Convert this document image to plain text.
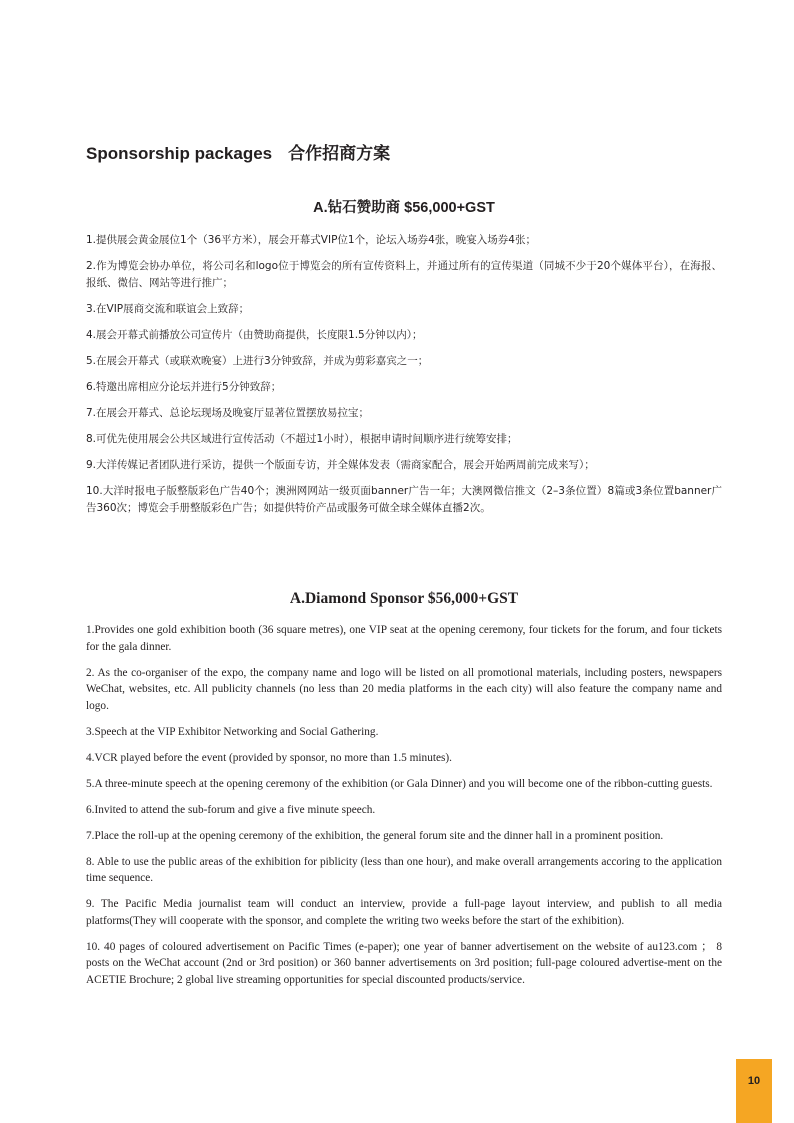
Sponsorship packages 合作招商方案
A.钻石赞助商 $56,000+GST
1.提供展会黄金展位1个（36平方米），展会开幕式VIP位1个，论坛入场券4张，晚宴入场券4张；
2.作为博览会协办单位，将公司名和logo位于博览会的所有宣传资料上，并通过所有的宣传渠道（同城不少于20个媒体平台），在海报、报纸、微信、网站等进行推广；
3.在VIP展商交流和联谊会上致辞；
4.展会开幕式前播放公司宣传片（由赞助商提供，长度限1.5分钟以内）；
5.在展会开幕式（或联欢晚宴）上进行3分钟致辞，并成为剪彩嘉宾之一；
6.特邀出席相应分论坛并进行5分钟致辞；
7.在展会开幕式、总论坛现场及晚宴厅显著位置摆放易拉宝；
8.可优先使用展会公共区域进行宣传活动（不超过1小时），根据申请时间顺序进行统筹安排；
9.大洋传媒记者团队进行采访，提供一个版面专访，并全媒体发表（需商家配合，展会开始两周前完成来写）；
10.大洋时报电子版整版彩色广告40个；澳洲网网站一级页面banner广告一年；大澳网微信推文（2–3条位置）8篇或3条位置banner广告360次；博览会手册整版彩色广告；如提供特价产品或服务可做全球全媒体直播2次。
A.Diamond Sponsor $56,000+GST
1.Provides one gold exhibition booth (36 square metres), one VIP seat at the opening ceremony, four tickets for the forum, and four tickets for the gala dinner.
2. As the co-organiser of the expo, the company name and logo will be listed on all promotional materials, including posters, newspapers WeChat, websites, etc. All publicity channels (no less than 20 media platforms in the each city) will also feature the company name and logo.
3.Speech at the VIP Exhibitor Networking and Social Gathering.
4.VCR played before the event (provided by sponsor, no more than 1.5 minutes).
5.A three-minute speech at the opening ceremony of the exhibition (or Gala Dinner) and you will become one of the ribbon-cutting guests.
6.Invited to attend the sub-forum and give a five minute speech.
7.Place the roll-up at the opening ceremony of the exhibition, the general forum site and the dinner hall in a prominent position.
8. Able to use the public areas of the exhibition for piblicity (less than one hour), and make overall arrangements accoring to the application time sequence.
9. The Pacific Media journalist team will conduct an interview, provide a full-page layout interview, and publish to all media platforms(They will cooperate with the sponsor, and complete the writing two weeks before the start of the exhibition).
10. 40 pages of coloured advertisement on Pacific Times (e-paper); one year of banner advertisement on the website of au123.com ； 8 posts on the WeChat account (2nd or 3rd position) or 360 banner advertisements on 3rd position; full-page coloured advertise-ment on the ACETIE Brochure; 2 global live streaming opportunities for special discounted products/service.
10
